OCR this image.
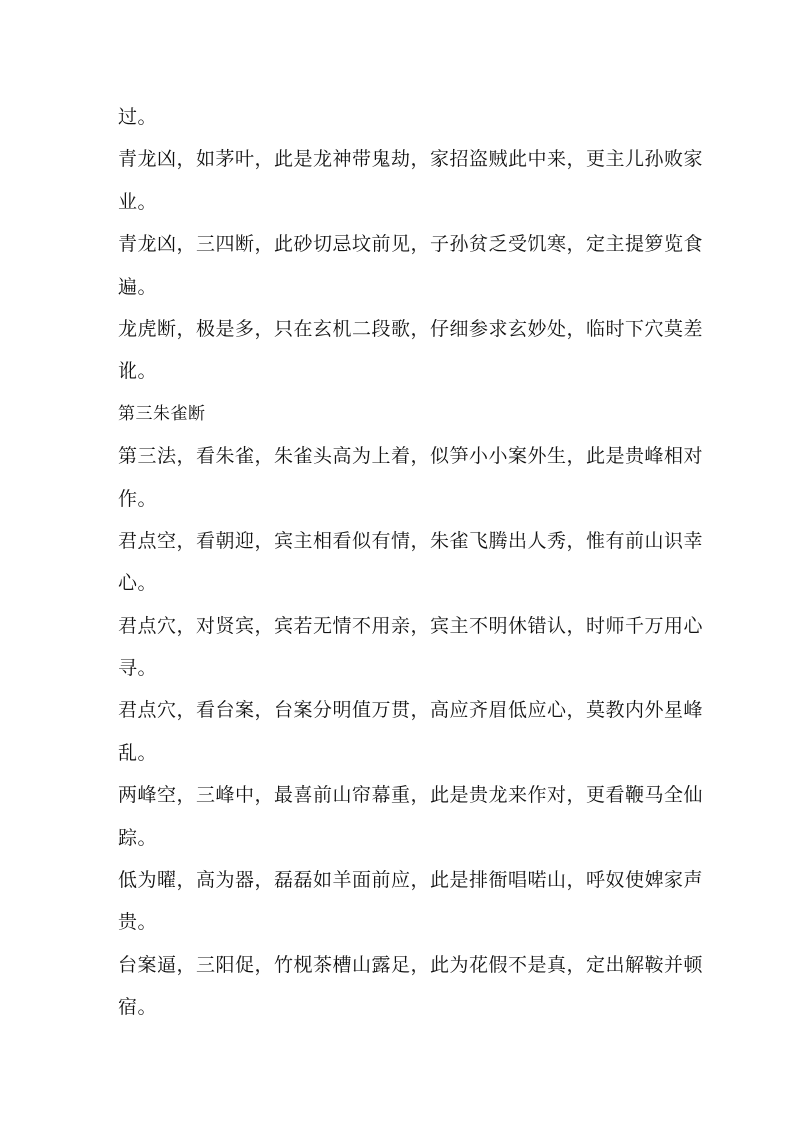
过。
青龙凶，如茅叶，此是龙神带鬼劫，家招盗贼此中来，更主儿孙败家
业。
青龙凶，三四断，此砂切忌坟前见，子孙贫乏受饥寒，定主提箩览食
遍。
龙虎断，极是多，只在玄机二段歌，仔细参求玄妙处，临时下穴莫差
讹。
第三朱雀断
第三法，看朱雀，朱雀头高为上着，似笋小小案外生，此是贵峰相对
作。
君点空，看朝迎，宾主相看似有情，朱雀飞腾出人秀，惟有前山识幸
心。
君点穴，对贤宾，宾若无情不用亲，宾主不明休错认，时师千万用心
寻。
君点穴，看台案，台案分明值万贯，高应齐眉低应心，莫教内外星峰
乱。
两峰空，三峰中，最喜前山帘幕重，此是贵龙来作对，更看鞭马全仙
踪。
低为曜，高为器，磊磊如羊面前应，此是排衙唱喏山，呼奴使婢家声
贵。
台案逼，三阳促，竹枧茶槽山露足，此为花假不是真，定出解鞍并顿
宿。
